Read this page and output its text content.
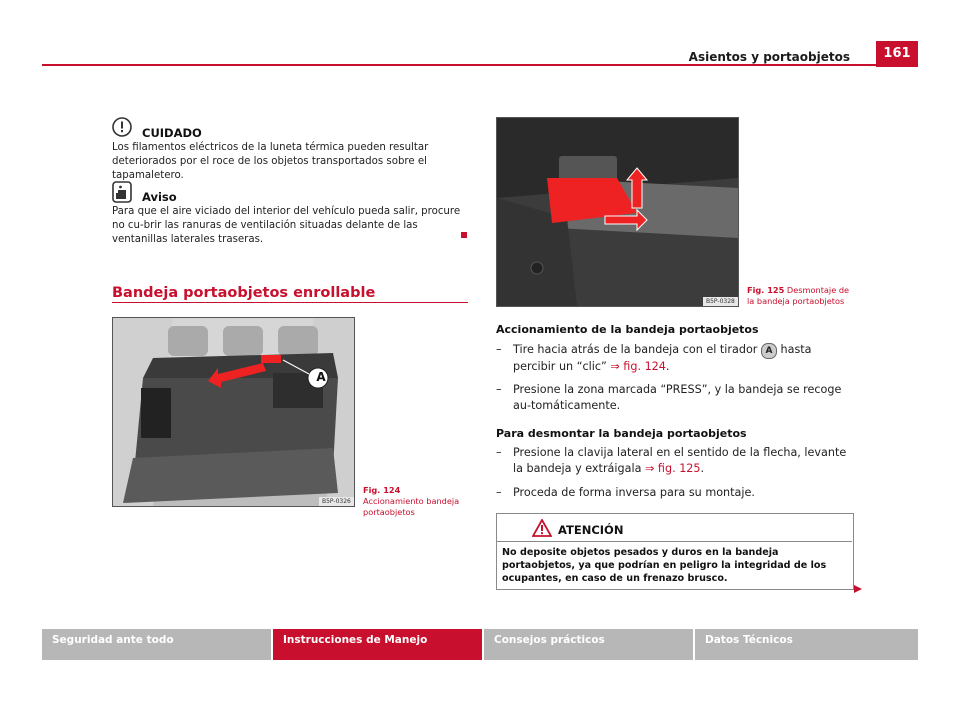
Asientos y portaobjetos	161
CUIDADO
Los filamentos eléctricos de la luneta térmica pueden resultar deteriorados por el roce de los objetos transportados sobre el tapamaletero.
Aviso
Para que el aire viciado del interior del vehículo pueda salir, procure no cu-brir las ranuras de ventilación situadas delante de las ventanillas laterales traseras.
Bandeja portaobjetos enrollable
A
B5P-0326
Fig. 124 Accionamiento bandeja portaobjetos
B5P-0328
Fig. 125 Desmontaje de la bandeja portaobjetos
Accionamiento de la bandeja portaobjetos
– Tire hacia atrás de la bandeja con el tirador A hasta percibir un “clic” ⇒ fig. 124.
– Presione la zona marcada “PRESS”, y la bandeja se recoge au-tomáticamente.
Para desmontar la bandeja portaobjetos
– Presione la clavija lateral en el sentido de la flecha, levante la bandeja y extráigala ⇒ fig. 125.
– Proceda de forma inversa para su montaje.
ATENCIÓN
No deposite objetos pesados y duros en la bandeja portaobjetos, ya que podrían en peligro la integridad de los ocupantes, en caso de un frenazo brusco.
Seguridad ante todo	Instrucciones de Manejo	Consejos prácticos	Datos Técnicos
